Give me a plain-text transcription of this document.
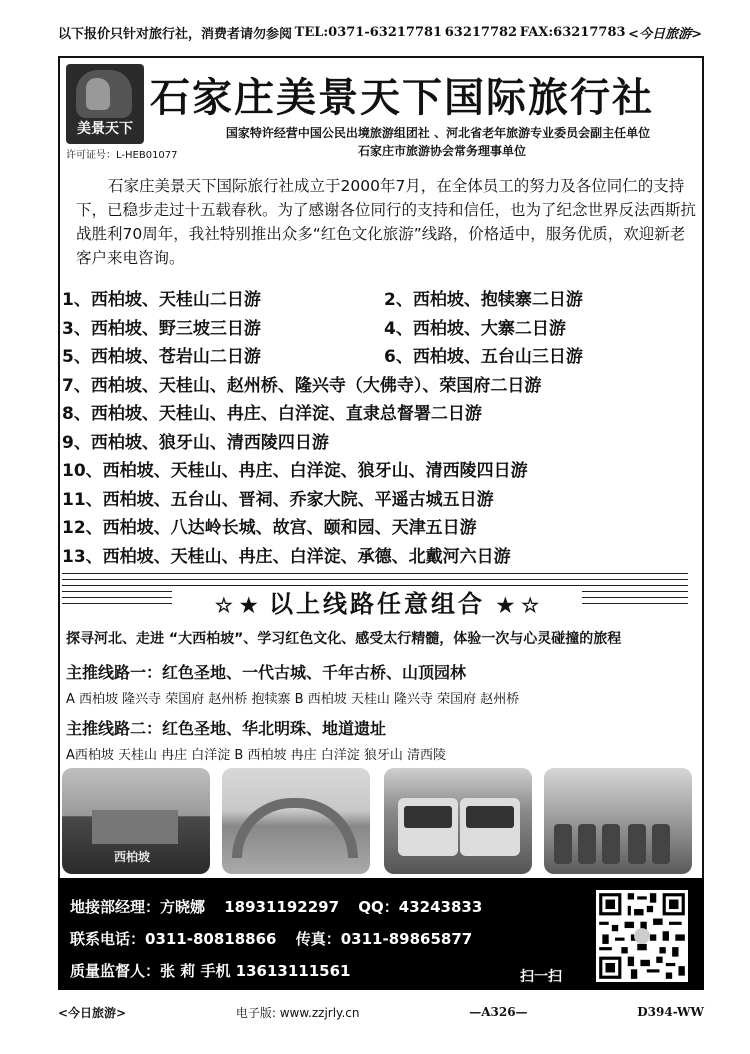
以下报价只针对旅行社，消费者请勿参阅 TEL:0371-63217781 63217782 FAX:63217783 <今日旅游>
美景天下
石家庄美景天下国际旅行社
国家特许经营中国公民出境旅游组团社 、河北省老年旅游专业委员会副主任单位
石家庄市旅游协会常务理事单位
许可证号：L-HEB01077
石家庄美景天下国际旅行社成立于2000年7月，在全体员工的努力及各位同仁的支持下，已稳步走过十五载春秋。为了感谢各位同行的支持和信任，也为了纪念世界反法西斯抗战胜利70周年，我社特别推出众多“红色文化旅游”线路，价格适中，服务优质，欢迎新老客户来电咨询。
1、西柏坡、天桂山二日游	2、西柏坡、抱犊寨二日游
3、西柏坡、野三坡三日游	4、西柏坡、大寨二日游
5、西柏坡、苍岩山二日游	6、西柏坡、五台山三日游
7、西柏坡、天桂山、赵州桥、隆兴寺（大佛寺）、荣国府二日游
8、西柏坡、天桂山、冉庄、白洋淀、直隶总督署二日游
9、西柏坡、狼牙山、清西陵四日游
10、西柏坡、天桂山、冉庄、白洋淀、狼牙山、清西陵四日游
11、西柏坡、五台山、晋祠、乔家大院、平遥古城五日游
12、西柏坡、八达岭长城、故宫、颐和园、天津五日游
13、西柏坡、天桂山、冉庄、白洋淀、承德、北戴河六日游
☆ ★ 以上线路任意组合 ★ ☆
探寻河北、走进 “大西柏坡”、学习红色文化、感受太行精髓，体验一次与心灵碰撞的旅程
主推线路一：红色圣地、一代古城、千年古桥、山顶园林
A 西柏坡 隆兴寺 荣国府 赵州桥 抱犊寨 B 西柏坡 天桂山 隆兴寺 荣国府 赵州桥
主推线路二：红色圣地、华北明珠、地道遗址
A西柏坡 天桂山 冉庄 白洋淀 B 西柏坡 冉庄 白洋淀 狼牙山 清西陵
西柏坡
地接部经理：方晓娜 18931192297 QQ：43243833
联系电话：0311-80818866 传真：0311-89865877
质量监督人：张 莉 手机 13613111561	扫一扫
<今日旅游>	电子版: www.zzjrly.cn	—A326—	D394-WW
